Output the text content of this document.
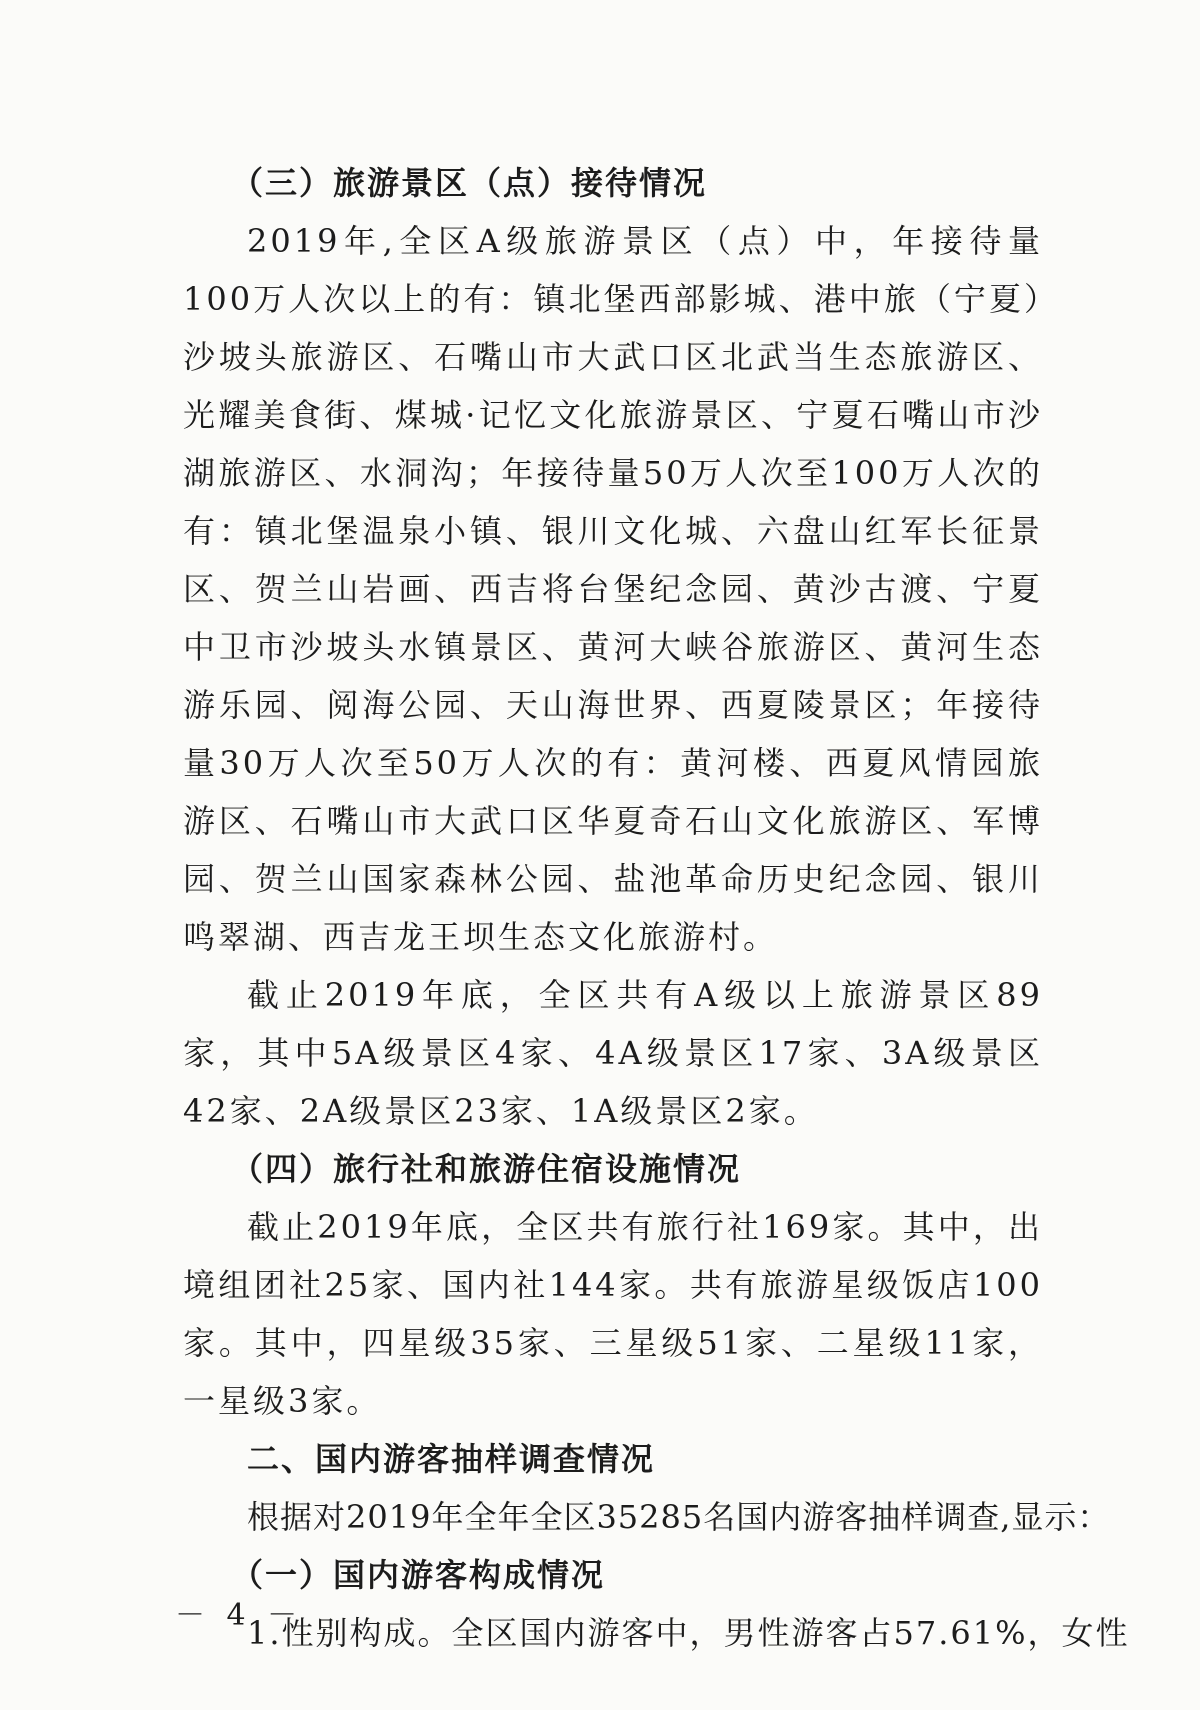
（三）旅游景区（点）接待情况

2019年,全区A级旅游景区（点）中，年接待量100万人次以上的有：镇北堡西部影城、港中旅（宁夏）沙坡头旅游区、石嘴山市大武口区北武当生态旅游区、光耀美食街、煤城·记忆文化旅游景区、宁夏石嘴山市沙湖旅游区、水洞沟；年接待量50万人次至100万人次的有：镇北堡温泉小镇、银川文化城、六盘山红军长征景区、贺兰山岩画、西吉将台堡纪念园、黄沙古渡、宁夏中卫市沙坡头水镇景区、黄河大峡谷旅游区、黄河生态游乐园、阅海公园、天山海世界、西夏陵景区；年接待量30万人次至50万人次的有：黄河楼、西夏风情园旅游区、石嘴山市大武口区华夏奇石山文化旅游区、军博园、贺兰山国家森林公园、盐池革命历史纪念园、银川鸣翠湖、西吉龙王坝生态文化旅游村。

截止2019年底，全区共有A级以上旅游景区89家，其中5A级景区4家、4A级景区17家、3A级景区42家、2A级景区23家、1A级景区2家。

（四）旅行社和旅游住宿设施情况

截止2019年底，全区共有旅行社169家。其中，出境组团社25家、国内社144家。共有旅游星级饭店100家。其中，四星级35家、三星级51家、二星级11家，一星级3家。

二、国内游客抽样调查情况

根据对2019年全年全区35285名国内游客抽样调查,显示：

（一）国内游客构成情况

1.性别构成。全区国内游客中，男性游客占57.61%，女性

－ 4 －
